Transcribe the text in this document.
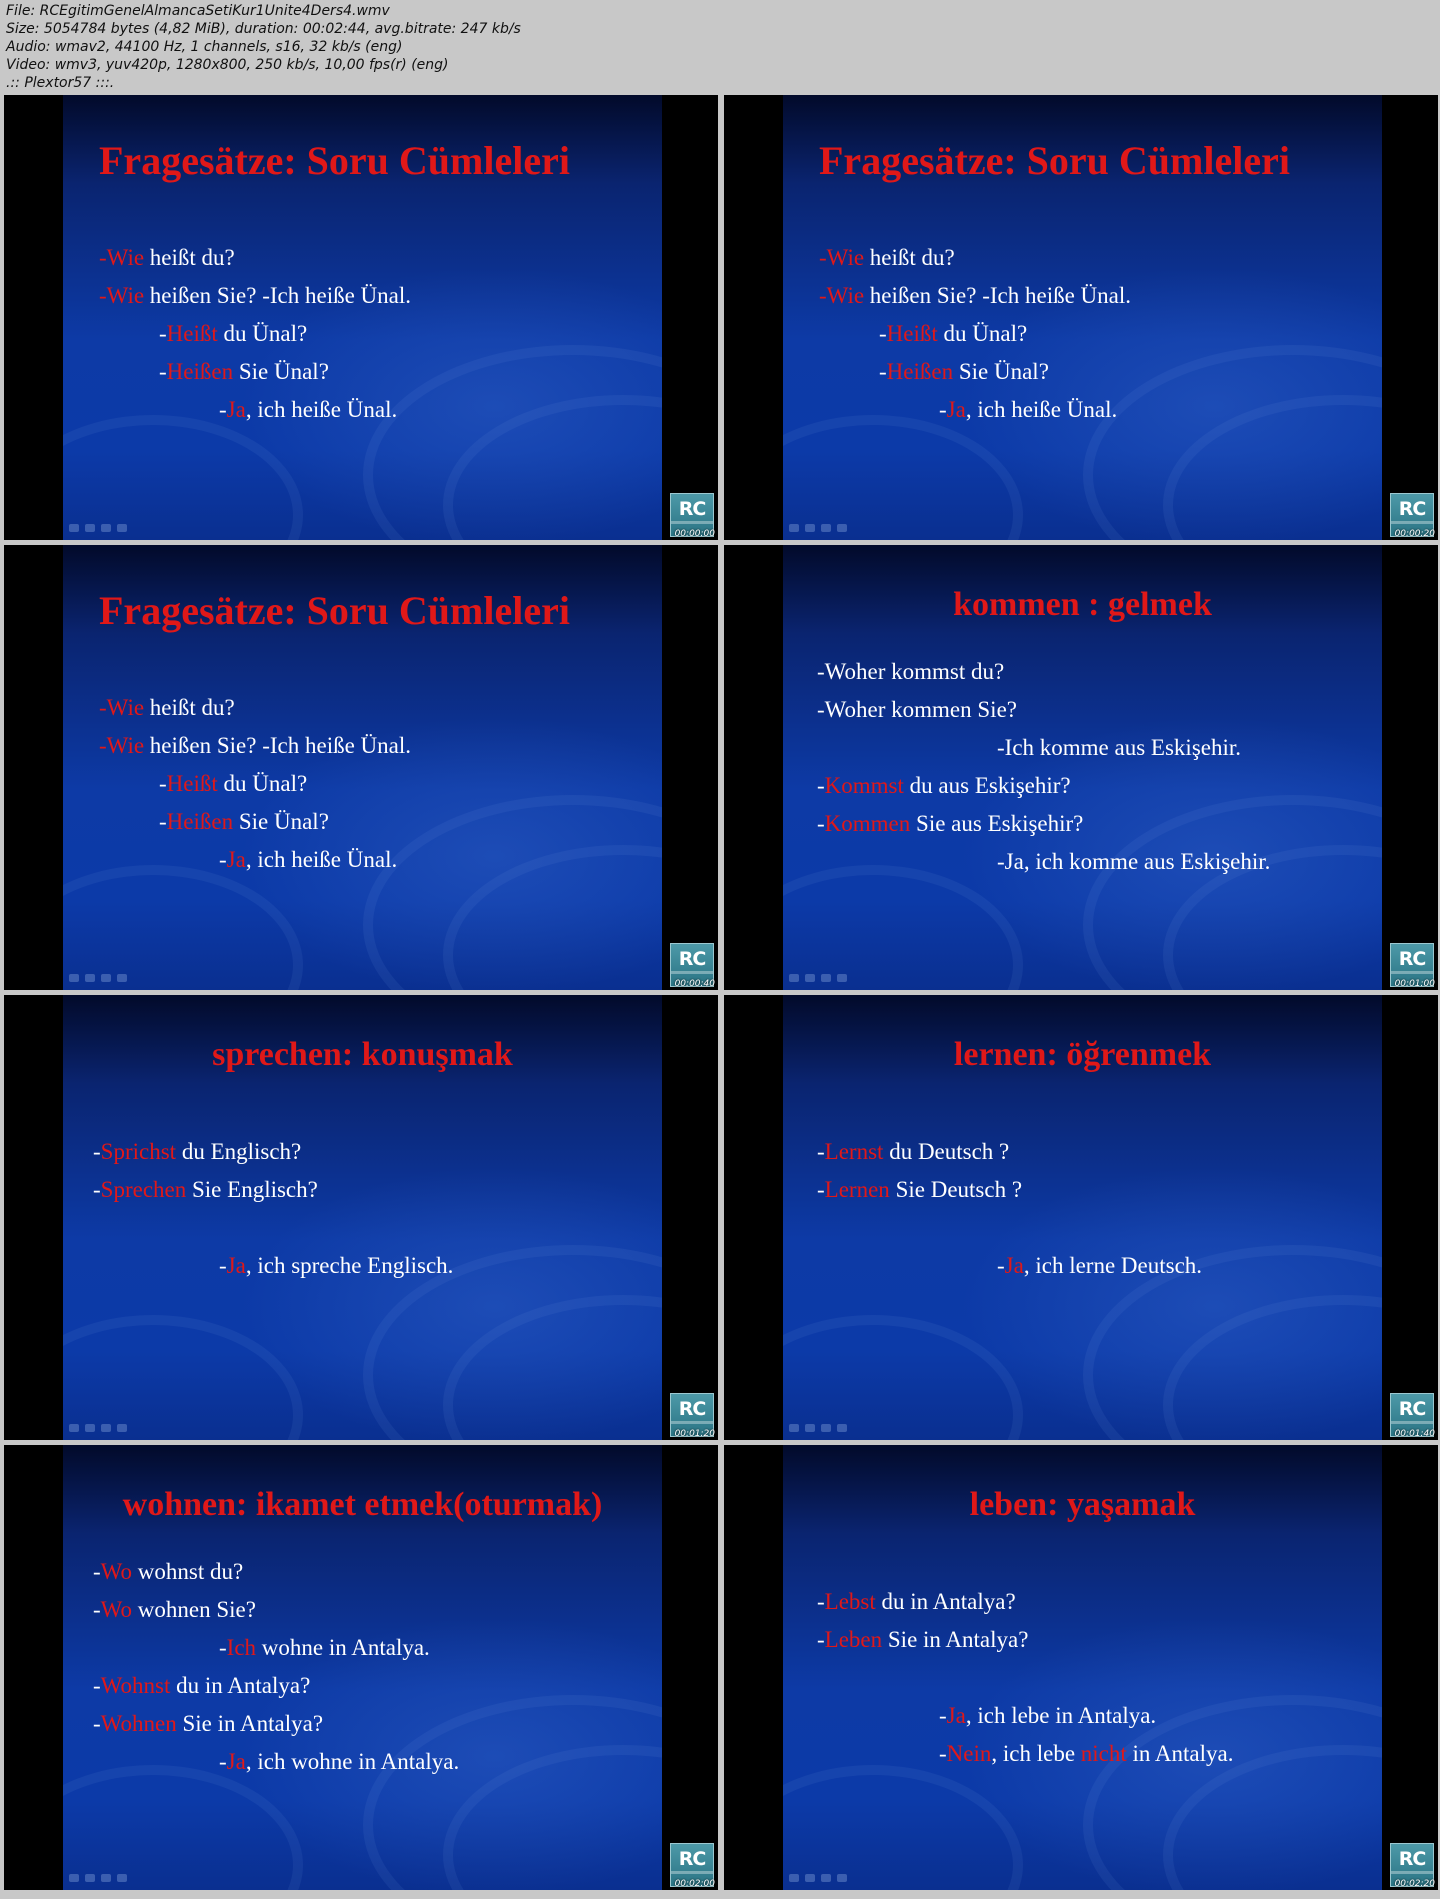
File: RCEgitimGenelAlmancaSetiKur1Unite4Ders4.wmv
Size: 5054784 bytes (4,82 MiB), duration: 00:02:44, avg.bitrate: 247 kb/s
Audio: wmav2, 44100 Hz, 1 channels, s16, 32 kb/s (eng)
Video: wmv3, yuv420p, 1280x800, 250 kb/s, 10,00 fps(r) (eng)
.:: Plextor57 :::.
Fragesätze: Soru Cümleleri
-Wie heißt du?
-Wie heißen Sie? -Ich heiße Ünal.
-Heißt du Ünal?
-Heißen Sie Ünal?
-Ja, ich heiße Ünal.
RC
00:00:00
Fragesätze: Soru Cümleleri
-Wie heißt du?
-Wie heißen Sie? -Ich heiße Ünal.
-Heißt du Ünal?
-Heißen Sie Ünal?
-Ja, ich heiße Ünal.
RC
00:00:20
Fragesätze: Soru Cümleleri
-Wie heißt du?
-Wie heißen Sie? -Ich heiße Ünal.
-Heißt du Ünal?
-Heißen Sie Ünal?
-Ja, ich heiße Ünal.
RC
00:00:40
kommen : gelmek
-Woher kommst du?
-Woher kommen Sie?
-Ich komme aus Eskişehir.
-Kommst du aus Eskişehir?
-Kommen Sie aus Eskişehir?
-Ja, ich komme aus Eskişehir.
RC
00:01:00
sprechen: konuşmak
-Sprichst du Englisch?
-Sprechen Sie Englisch?
-Ja, ich spreche Englisch.
RC
00:01:20
lernen: öğrenmek
-Lernst du Deutsch ?
-Lernen Sie Deutsch ?
-Ja, ich lerne Deutsch.
RC
00:01:40
wohnen: ikamet etmek(oturmak)
-Wo wohnst du?
-Wo wohnen Sie?
-Ich wohne in Antalya.
-Wohnst du in Antalya?
-Wohnen Sie in Antalya?
-Ja, ich wohne in Antalya.
RC
00:02:00
leben: yaşamak
-Lebst du in Antalya?
-Leben Sie in Antalya?
-Ja, ich lebe in Antalya.
-Nein, ich lebe nicht in Antalya.
RC
00:02:20
